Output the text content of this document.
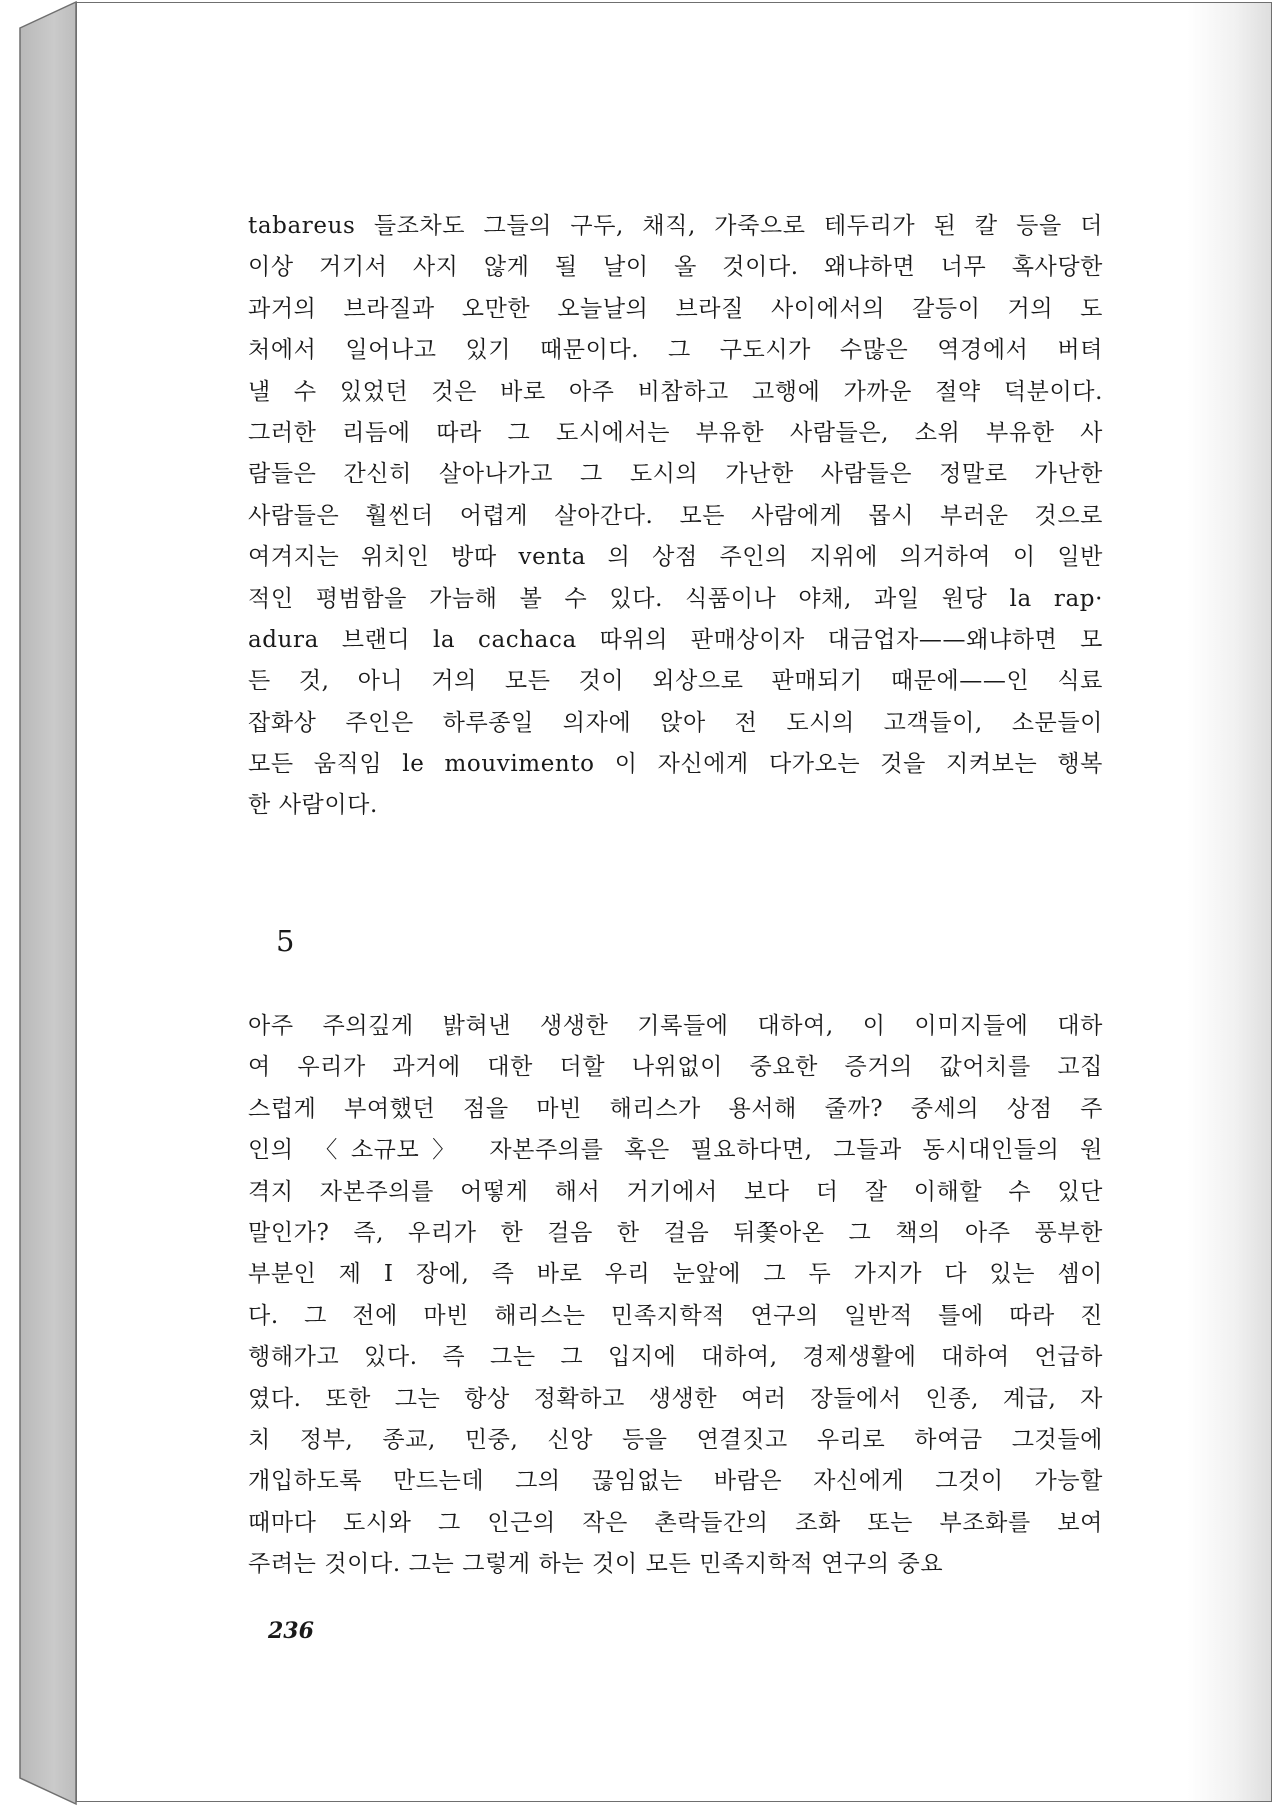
tabareus 들조차도 그들의 구두, 채직, 가죽으로 테두리가 된 칼 등을 더
이상 거기서 사지 않게 될 날이 올 것이다. 왜냐하면 너무 혹사당한
과거의 브라질과 오만한 오늘날의 브라질 사이에서의 갈등이 거의 도
처에서 일어나고 있기 때문이다. 그 구도시가 수많은 역경에서 버텨
낼 수 있었던 것은 바로 아주 비참하고 고행에 가까운 절약 덕분이다.
그러한 리듬에 따라 그 도시에서는 부유한 사람들은, 소위 부유한 사
람들은 간신히 살아나가고 그 도시의 가난한 사람들은 정말로 가난한
사람들은 훨씬더 어렵게 살아간다. 모든 사람에게 몹시 부러운 것으로
여겨지는 위치인 방따 venta 의 상점 주인의 지위에 의거하여 이 일반
적인 평범함을 가늠해 볼 수 있다. 식품이나 야채, 과일 원당 la rap·
adura 브랜디 la cachaca 따위의 판매상이자 대금업자——왜냐하면 모
든 것, 아니 거의 모든 것이 외상으로 판매되기 때문에——인 식료
잡화상 주인은 하루종일 의자에 앉아 전 도시의 고객들이, 소문들이
모든 움직임 le mouvimento 이 자신에게 다가오는 것을 지켜보는 행복
한 사람이다.
5
아주 주의깊게 밝혀낸 생생한 기록들에 대하여, 이 이미지들에 대하
여 우리가 과거에 대한 더할 나위없이 중요한 증거의 값어치를 고집
스럽게 부여했던 점을 마빈 해리스가 용서해 줄까? 중세의 상점 주
인의 〈소규모〉 자본주의를 혹은 필요하다면, 그들과 동시대인들의 원
격지 자본주의를 어떻게 해서 거기에서 보다 더 잘 이해할 수 있단
말인가? 즉, 우리가 한 걸음 한 걸음 뒤쫓아온 그 책의 아주 풍부한
부분인 제 I 장에, 즉 바로 우리 눈앞에 그 두 가지가 다 있는 셈이
다. 그 전에 마빈 해리스는 민족지학적 연구의 일반적 틀에 따라 진
행해가고 있다. 즉 그는 그 입지에 대하여, 경제생활에 대하여 언급하
였다. 또한 그는 항상 정확하고 생생한 여러 장들에서 인종, 계급, 자
치 정부, 종교, 민중, 신앙 등을 연결짓고 우리로 하여금 그것들에
개입하도록 만드는데 그의 끊임없는 바람은 자신에게 그것이 가능할
때마다 도시와 그 인근의 작은 촌락들간의 조화 또는 부조화를 보여
주려는 것이다. 그는 그렇게 하는 것이 모든 민족지학적 연구의 중요
236
